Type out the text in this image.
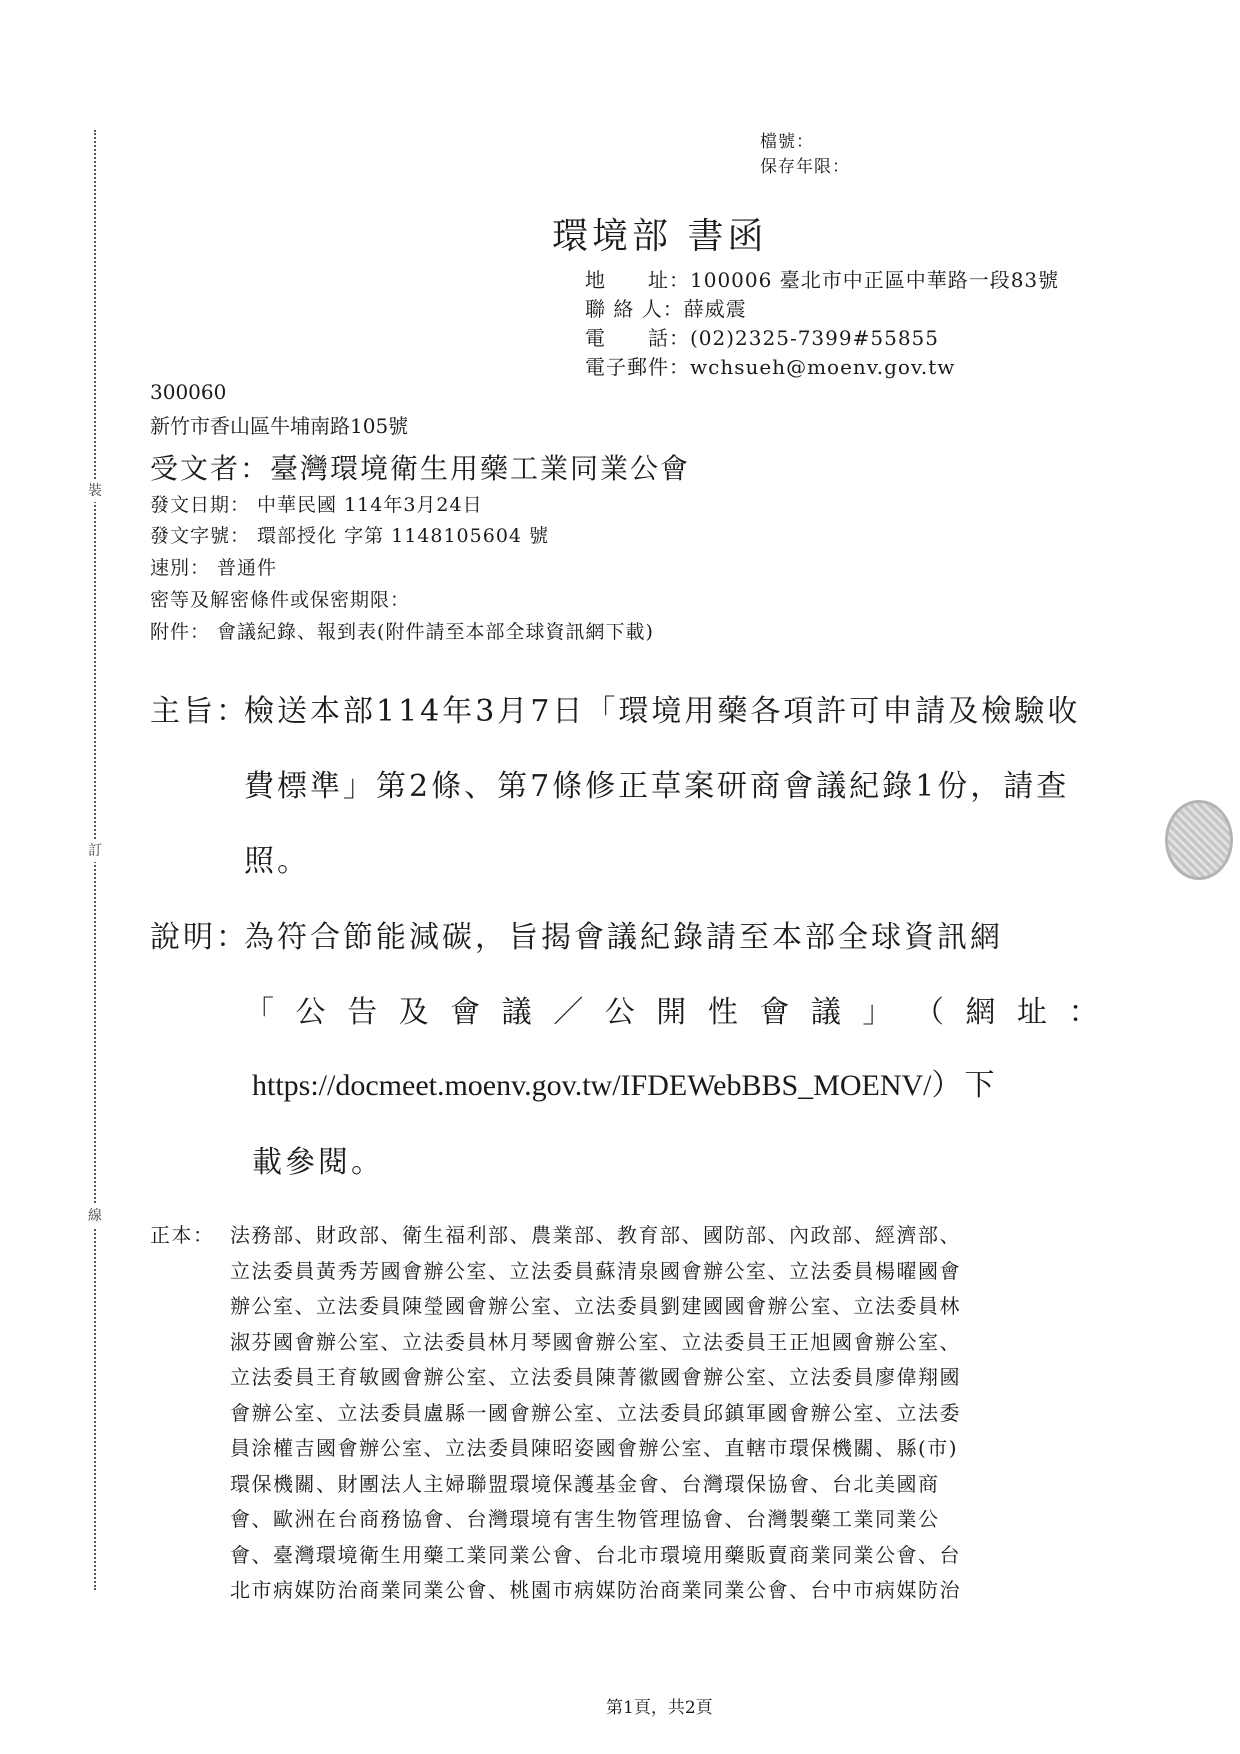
裝
訂
線
檔號：
保存年限：
環境部 書函
地　　址：100006 臺北市中正區中華路一段83號
聯 絡 人：薛威震
電　　話：(02)2325-7399#55855
電子郵件：wchsueh@moenv.gov.tw
300060
新竹市香山區牛埔南路105號
受文者：臺灣環境衛生用藥工業同業公會
發文日期： 中華民國 114年3月24日
發文字號： 環部授化 字第 1148105604 號
速別： 普通件
密等及解密條件或保密期限：
附件： 會議紀錄、報到表(附件請至本部全球資訊網下載)
主旨：
檢送本部114年3月7日「環境用藥各項許可申請及檢驗收
費標準」第2條、第7條修正草案研商會議紀錄1份，請查
照。
說明：
為符合節能減碳，旨揭會議紀錄請至本部全球資訊網
「 公 告 及 會 議 ／ 公 開 性 會 議 」 （ 網 址 ：
https://docmeet.moenv.gov.tw/IFDEWebBBS_MOENV/）下
載參閱。
正本： 法務部、財政部、衛生福利部、農業部、教育部、國防部、內政部、經濟部、
立法委員黃秀芳國會辦公室、立法委員蘇清泉國會辦公室、立法委員楊曜國會
辦公室、立法委員陳瑩國會辦公室、立法委員劉建國國會辦公室、立法委員林
淑芬國會辦公室、立法委員林月琴國會辦公室、立法委員王正旭國會辦公室、
立法委員王育敏國會辦公室、立法委員陳菁徽國會辦公室、立法委員廖偉翔國
會辦公室、立法委員盧縣一國會辦公室、立法委員邱鎮軍國會辦公室、立法委
員涂權吉國會辦公室、立法委員陳昭姿國會辦公室、直轄市環保機關、縣(市)
環保機關、財團法人主婦聯盟環境保護基金會、台灣環保協會、台北美國商
會、歐洲在台商務協會、台灣環境有害生物管理協會、台灣製藥工業同業公
會、臺灣環境衛生用藥工業同業公會、台北市環境用藥販賣商業同業公會、台
北市病媒防治商業同業公會、桃園市病媒防治商業同業公會、台中市病媒防治
第1頁，共2頁
